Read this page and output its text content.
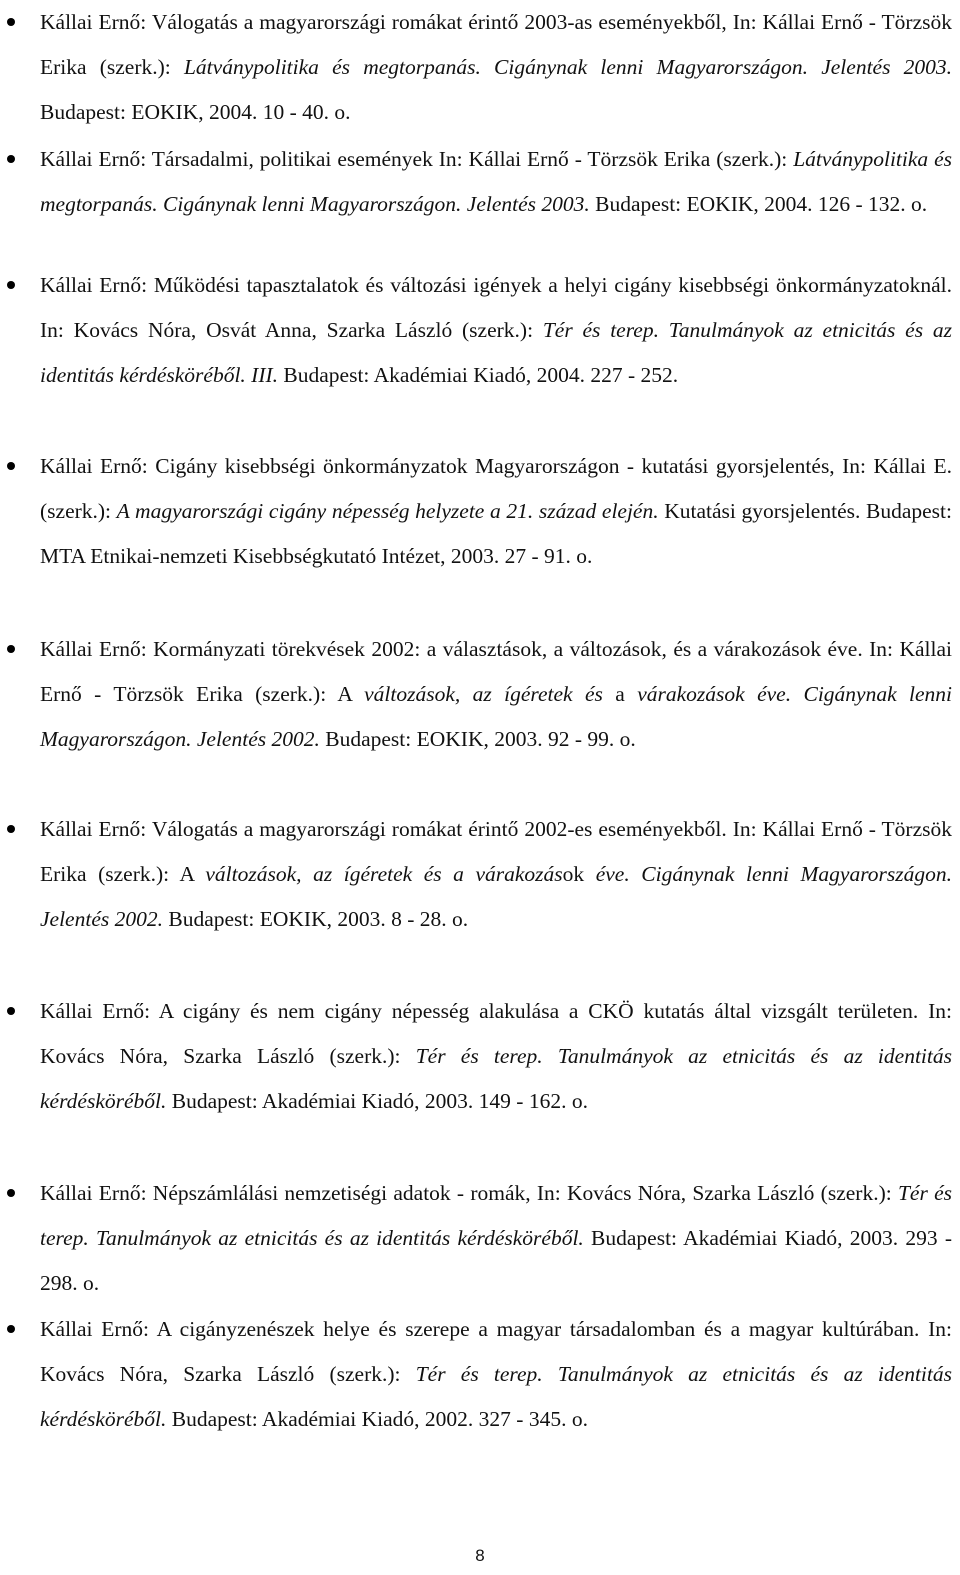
Kállai Ernő: Válogatás a magyarországi romákat érintő 2003-as eseményekből, In: Kállai Ernő - Törzsök Erika (szerk.): Látványpolitika és megtorpanás. Cigánynak lenni Magyarországon. Jelentés 2003. Budapest: EOKIK, 2004. 10 - 40. o.
Kállai Ernő: Társadalmi, politikai események In: Kállai Ernő - Törzsök Erika (szerk.): Látványpolitika és megtorpanás. Cigánynak lenni Magyarországon. Jelentés 2003. Budapest: EOKIK, 2004. 126 - 132. o.
Kállai Ernő: Működési tapasztalatok és változási igények a helyi cigány kisebbségi önkormányzatoknál. In: Kovács Nóra, Osvát Anna, Szarka László (szerk.): Tér és terep. Tanulmányok az etnicitás és az identitás kérdésköréből. III. Budapest: Akadémiai Kiadó, 2004. 227 - 252.
Kállai Ernő: Cigány kisebbségi önkormányzatok Magyarországon - kutatási gyorsjelentés, In: Kállai E. (szerk.): A magyarországi cigány népesség helyzete a 21. század elején. Kutatási gyorsjelentés. Budapest: MTA Etnikai-nemzeti Kisebbségkutató Intézet, 2003. 27 - 91. o.
Kállai Ernő: Kormányzati törekvések 2002: a választások, a változások, és a várakozások éve. In: Kállai Ernő - Törzsök Erika (szerk.): A változások, az ígéretek és a várakozások éve. Cigánynak lenni Magyarországon. Jelentés 2002. Budapest: EOKIK, 2003. 92 - 99. o.
Kállai Ernő: Válogatás a magyarországi romákat érintő 2002-es eseményekből. In: Kállai Ernő - Törzsök Erika (szerk.): A változások, az ígéretek és a várakozások éve. Cigánynak lenni Magyarországon. Jelentés 2002. Budapest: EOKIK, 2003. 8 - 28. o.
Kállai Ernő: A cigány és nem cigány népesség alakulása a CKÖ kutatás által vizsgált területen. In: Kovács Nóra, Szarka László (szerk.): Tér és terep. Tanulmányok az etnicitás és az identitás kérdésköréből. Budapest: Akadémiai Kiadó, 2003. 149 - 162. o.
Kállai Ernő: Népszámlálási nemzetiségi adatok - romák, In: Kovács Nóra, Szarka László (szerk.): Tér és terep. Tanulmányok az etnicitás és az identitás kérdésköréből. Budapest: Akadémiai Kiadó, 2003. 293 - 298. o.
Kállai Ernő: A cigányzenészek helye és szerepe a magyar társadalomban és a magyar kultúrában. In: Kovács Nóra, Szarka László (szerk.): Tér és terep. Tanulmányok az etnicitás és az identitás kérdésköréből. Budapest: Akadémiai Kiadó, 2002. 327 - 345. o.
8
